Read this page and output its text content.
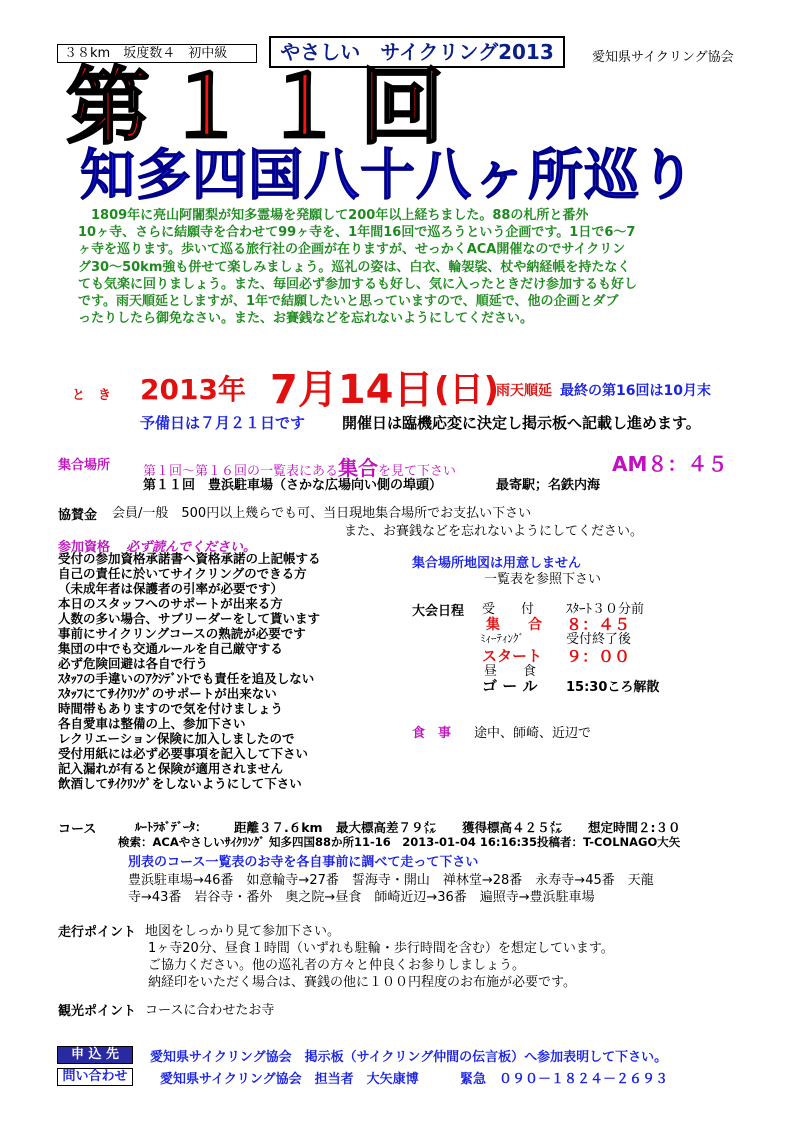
３８km　坂度数４　初中級	やさしい　サイクリング2013	愛知県サイクリング協会
第１１回
知多四国八十八ヶ所巡り
　1809年に亮山阿闍梨が知多霊場を発願して200年以上経ちました。88の札所と番外
10ヶ寺、さらに結願寺を合わせて99ヶ寺を、1年間16回で巡ろうという企画です。1日で6～7
ヶ寺を巡ります。歩いて巡る旅行社の企画が在りますが、せっかくACA開催なのでサイクリン
グ30～50km強も併せて楽しみましょう。巡礼の姿は、白衣、輪袈裟、杖や納経帳を持たなく
ても気楽に回りましょう。また、毎回必ず参加するも好し、気に入ったときだけ参加するも好し
です。雨天順延としますが、1年で結願したいと思っていますので、順延で、他の企画とダブ
ったりしたら御免なさい。また、お賽銭などを忘れないようにしてください。
と　き 2013年 7月14日 (日)
雨天順延 最終の第16回は10月末
予備日は７月２１日です 開催日は臨機応変に決定し掲示板へ記載し進めます。
集合場所	第１回～第１６回の一覧表にある集合を見て下さい	AM８：４５
第１１回　豊浜駐車場（さかな広場向い側の埠頭）	最寄駅；名鉄内海
協賛金 会員/一般　500円以上幾らでも可、当日現地集合場所でお支払い下さい
また、お賽銭などを忘れないようにしてください。
参加資格 必ず読んでください。
受付の参加資格承諾書へ資格承諾の上記帳する
自己の責任に於いてサイクリングのできる方
（未成年者は保護者の引率が必要です）
本日のスタッフへのサポートが出来る方
人数の多い場合、サブリーダーをして貰います
事前にサイクリングコースの熟読が必要です
集団の中でも交通ルールを自己厳守する
必ず危険回避は各自で行う
ｽﾀｯﾌの手違いのｱｸｼﾃﾞﾝﾄでも責任を追及しない
ｽﾀｯﾌにてｻｲｸﾘﾝｸﾞのサポートが出来ない
時間帯もありますので気を付けましょう
各自愛車は整備の上、参加下さい
レクリエーション保険に加入しましたので
受付用紙には必ず必要事項を記入して下さい
記入漏れが有ると保険が適用されません
飲酒してｻｲｸﾘﾝｸﾞをしないようにして下さい
集合場所地図は用意しません
一覧表を参照下さい
大会日程 受　　付 ｽﾀｰﾄ３０分前
集　　合 ８：４５
ﾐｨｰﾃｨﾝｸﾞ	受付終了後
スタート ９：００
昼　　食
ゴ ー ル 15:30ころ解散
食　事 途中、師崎、近辺で
コース	ﾙｰﾄﾗﾎﾞﾃﾞｰﾀ： 距離３７.６km 最大標高差７９㍍ 獲得標高４２５㍍ 想定時間２:３０
検索：ACAやさしいｻｲｸﾘﾝｸﾞ 知多四国88か所11-16　2013-01-04 16:16:35投稿者：T-COLNAGO大矢
別表のコース一覧表のお寺を各自事前に調べて走って下さい
豊浜駐車場→46番　如意輪寺→27番　誓海寺・開山　禅林堂→28番　永寿寺→45番　天龍
寺→43番　岩谷寺・番外　奥之院→昼食　師崎近辺→36番　遍照寺→豊浜駐車場
走行ポイント 地図をしっかり見て参加下さい。
1ヶ寺20分、昼食１時間（いずれも駐輪・歩行時間を含む）を想定しています。
ご協力ください。他の巡礼者の方々と仲良くお参りしましょう。
納経印をいただく場合は、賽銭の他に１００円程度のお布施が必要です。
観光ポイント コースに合わせたお寺
申 込 先	愛知県サイクリング協会　掲示板（サイクリング仲間の伝言板）へ参加表明して下さい。
問い合わせ	愛知県サイクリング協会　担当者　大矢康博	緊急　０９０－１８２４－２６９３
